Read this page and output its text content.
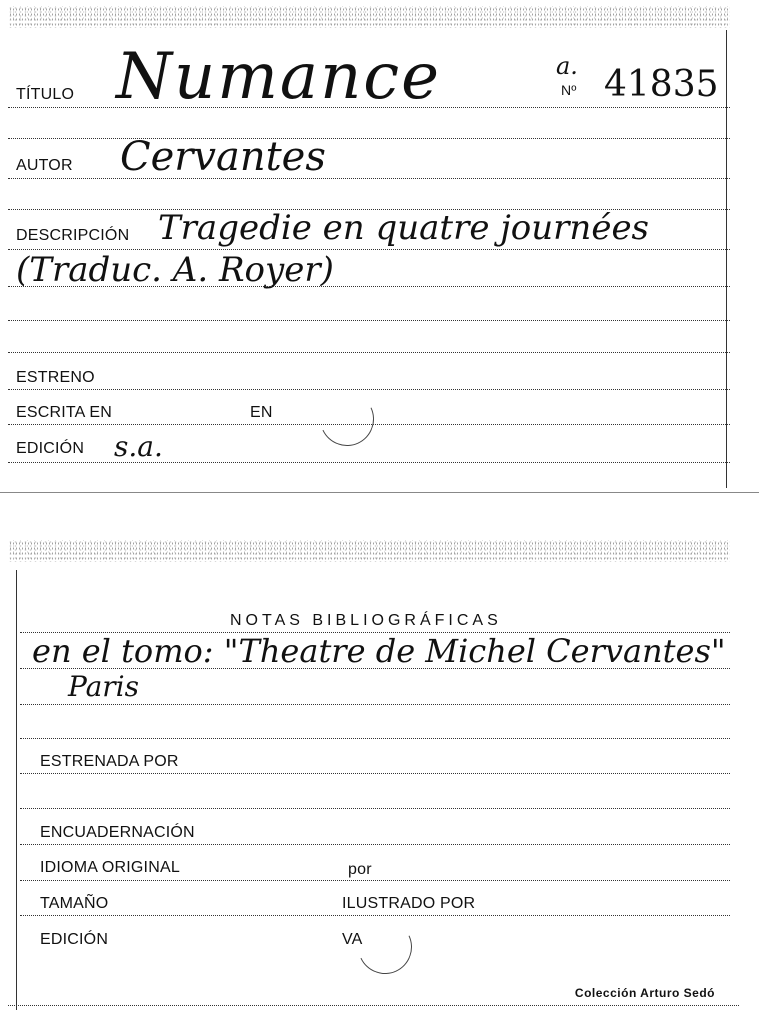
TÍTULO Numance	a.
Nº 41835
AUTOR Cervantes
DESCRIPCIÓN Tragedie en quatre journées
(Traduc. A. Royer)
ESTRENO
ESCRITA EN	EN
EDICIÓN s.a.
NOTAS BIBLIOGRÁFICAS
en el tomo: "Theatre de Michel Cervantes"
Paris
ESTRENADA POR
ENCUADERNACIÓN
IDIOMA ORIGINAL	por
TAMAÑO	ILUSTRADO POR
EDICIÓN	VA
Colección Arturo Sedó
